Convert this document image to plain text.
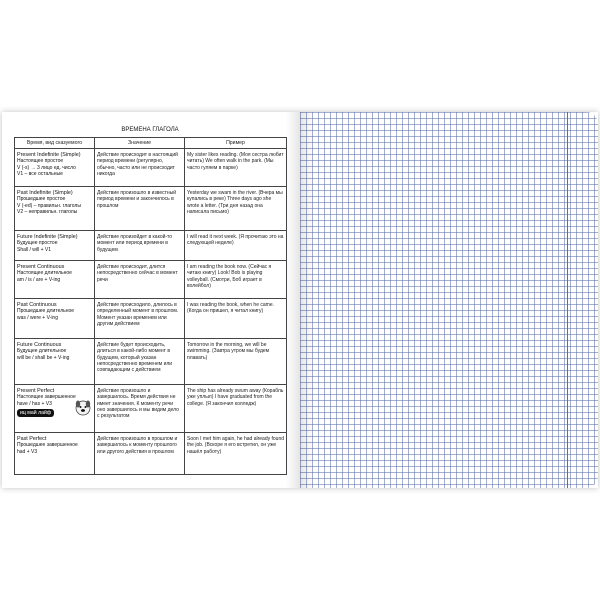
ВРЕМЕНА ГЛАГОЛА
Время, вид сказуемого	Значение	Пример

Present Indefinite (Simple)
Настоящее простое
V (-s) → 3 лицо ед. число
V1 – все остальные	Действие происходит в настоящий период времени (регулярно, обычно, часто или не происходит никогда	My sister likes reading. (Моя сестра любит читать) We often walk in the park. (Мы часто гуляем в парке)

Past Indefinite (Simple)
Прошедшее простое
V (-ed) – правильн. глаголы
V2 – неправильн. глаголы	Действие произошло в известный период времени и закончилось в прошлом	Yesterday we swam in the river. (Вчера мы купались в реке) Three days ago she wrote a letter. (Три дня назад она написала письмо)

Future Indefinite (Simple)
Будущее простое
Shall / will + V1	Действие произойдет в какой-то момент или период времени в будущем	I will read it next week. (Я прочитаю это на следующей неделе)

Present Continuous
Настоящее длительное
am / is / are + V-ing	Действие происходит, длится непосредственно сейчас в момент речи	I am reading the book now. (Сейчас я читаю книгу) Look! Bob is playing volleyball. (Смотри, Боб играет в волейбол)

Past Continuous
Прошедшее длительное
was / were + V-ing	Действие происходило, длилось в определенный момент в прошлом. Момент указан временем или другим действием	I was reading the book, when he came. (Когда он пришел, я читал книгу)

Future Continuous
Будущее длительное
will be / shall be + V-ing	Действие будет происходить, длиться в какой-либо момент в будущем, который указан непосредственно временем или совпадающим с действием	Tomorrow in the morning, we will be swimming. (Завтра утром мы будем плавать)

Present Perfect
Настоящее завершенное
have / has + V3
иц май лайф	Действие произошло и завершилось. Время действия не имеет значения. К моменту речи оно завершилось и мы видим дело с результатом	The ship has already swum away (Корабль уже уплыл) I have graduated from the college. (Я закончил колледж)

Past Perfect
Прошедшее завершенное
had + V3	Действие произошло в прошлом и завершилось к моменту прошлого или другого действия в прошлом	Soon I met him again, he had already found the job. (Вскоре я его встретил, он уже нашёл работу)
